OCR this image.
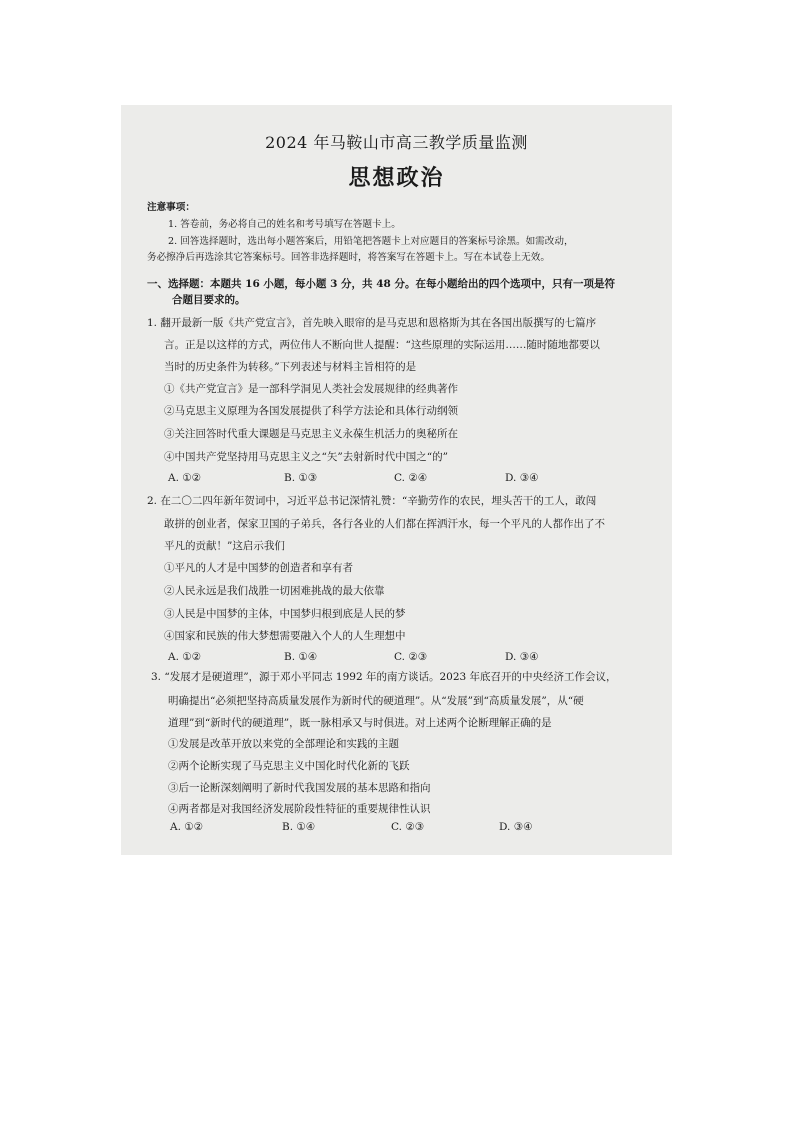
2024 年马鞍山市高三教学质量监测
思想政治
注意事项：
1. 答卷前，务必将自己的姓名和考号填写在答题卡上。
2. 回答选择题时，选出每小题答案后，用铅笔把答题卡上对应题目的答案标号涂黑。如需改动，
务必擦净后再选涂其它答案标号。回答非选择题时，将答案写在答题卡上。写在本试卷上无效。
一、选择题：本题共 16 小题，每小题 3 分，共 48 分。在每小题给出的四个选项中，只有一项是符
合题目要求的。
1. 翻开最新一版《共产党宣言》，首先映入眼帘的是马克思和恩格斯为其在各国出版撰写的七篇序
言。正是以这样的方式，两位伟人不断向世人提醒：“这些原理的实际运用……随时随地都要以
当时的历史条件为转移。”下列表述与材料主旨相符的是
①《共产党宣言》是一部科学洞见人类社会发展规律的经典著作
②马克思主义原理为各国发展提供了科学方法论和具体行动纲领
③关注回答时代重大课题是马克思主义永葆生机活力的奥秘所在
④中国共产党坚持用马克思主义之“矢”去射新时代中国之“的”
A. ①②	B. ①③	C. ②④	D. ③④
2. 在二〇二四年新年贺词中，习近平总书记深情礼赞：“辛勤劳作的农民，埋头苦干的工人，敢闯
敢拼的创业者，保家卫国的子弟兵，各行各业的人们都在挥洒汗水，每一个平凡的人都作出了不
平凡的贡献！”这启示我们
①平凡的人才是中国梦的创造者和享有者
②人民永远是我们战胜一切困难挑战的最大依靠
③人民是中国梦的主体，中国梦归根到底是人民的梦
④国家和民族的伟大梦想需要融入个人的人生理想中
A. ①②	B. ①④	C. ②③	D. ③④
3. “发展才是硬道理”，源于邓小平同志 1992 年的南方谈话。2023 年底召开的中央经济工作会议，
明确提出“必须把坚持高质量发展作为新时代的硬道理”。从“发展”到“高质量发展”，从“硬
道理”到“新时代的硬道理”，既一脉相承又与时俱进。对上述两个论断理解正确的是
①发展是改革开放以来党的全部理论和实践的主题
②两个论断实现了马克思主义中国化时代化新的飞跃
③后一论断深刻阐明了新时代我国发展的基本思路和指向
④两者都是对我国经济发展阶段性特征的重要规律性认识
A. ①②	B. ①④	C. ②③	D. ③④
